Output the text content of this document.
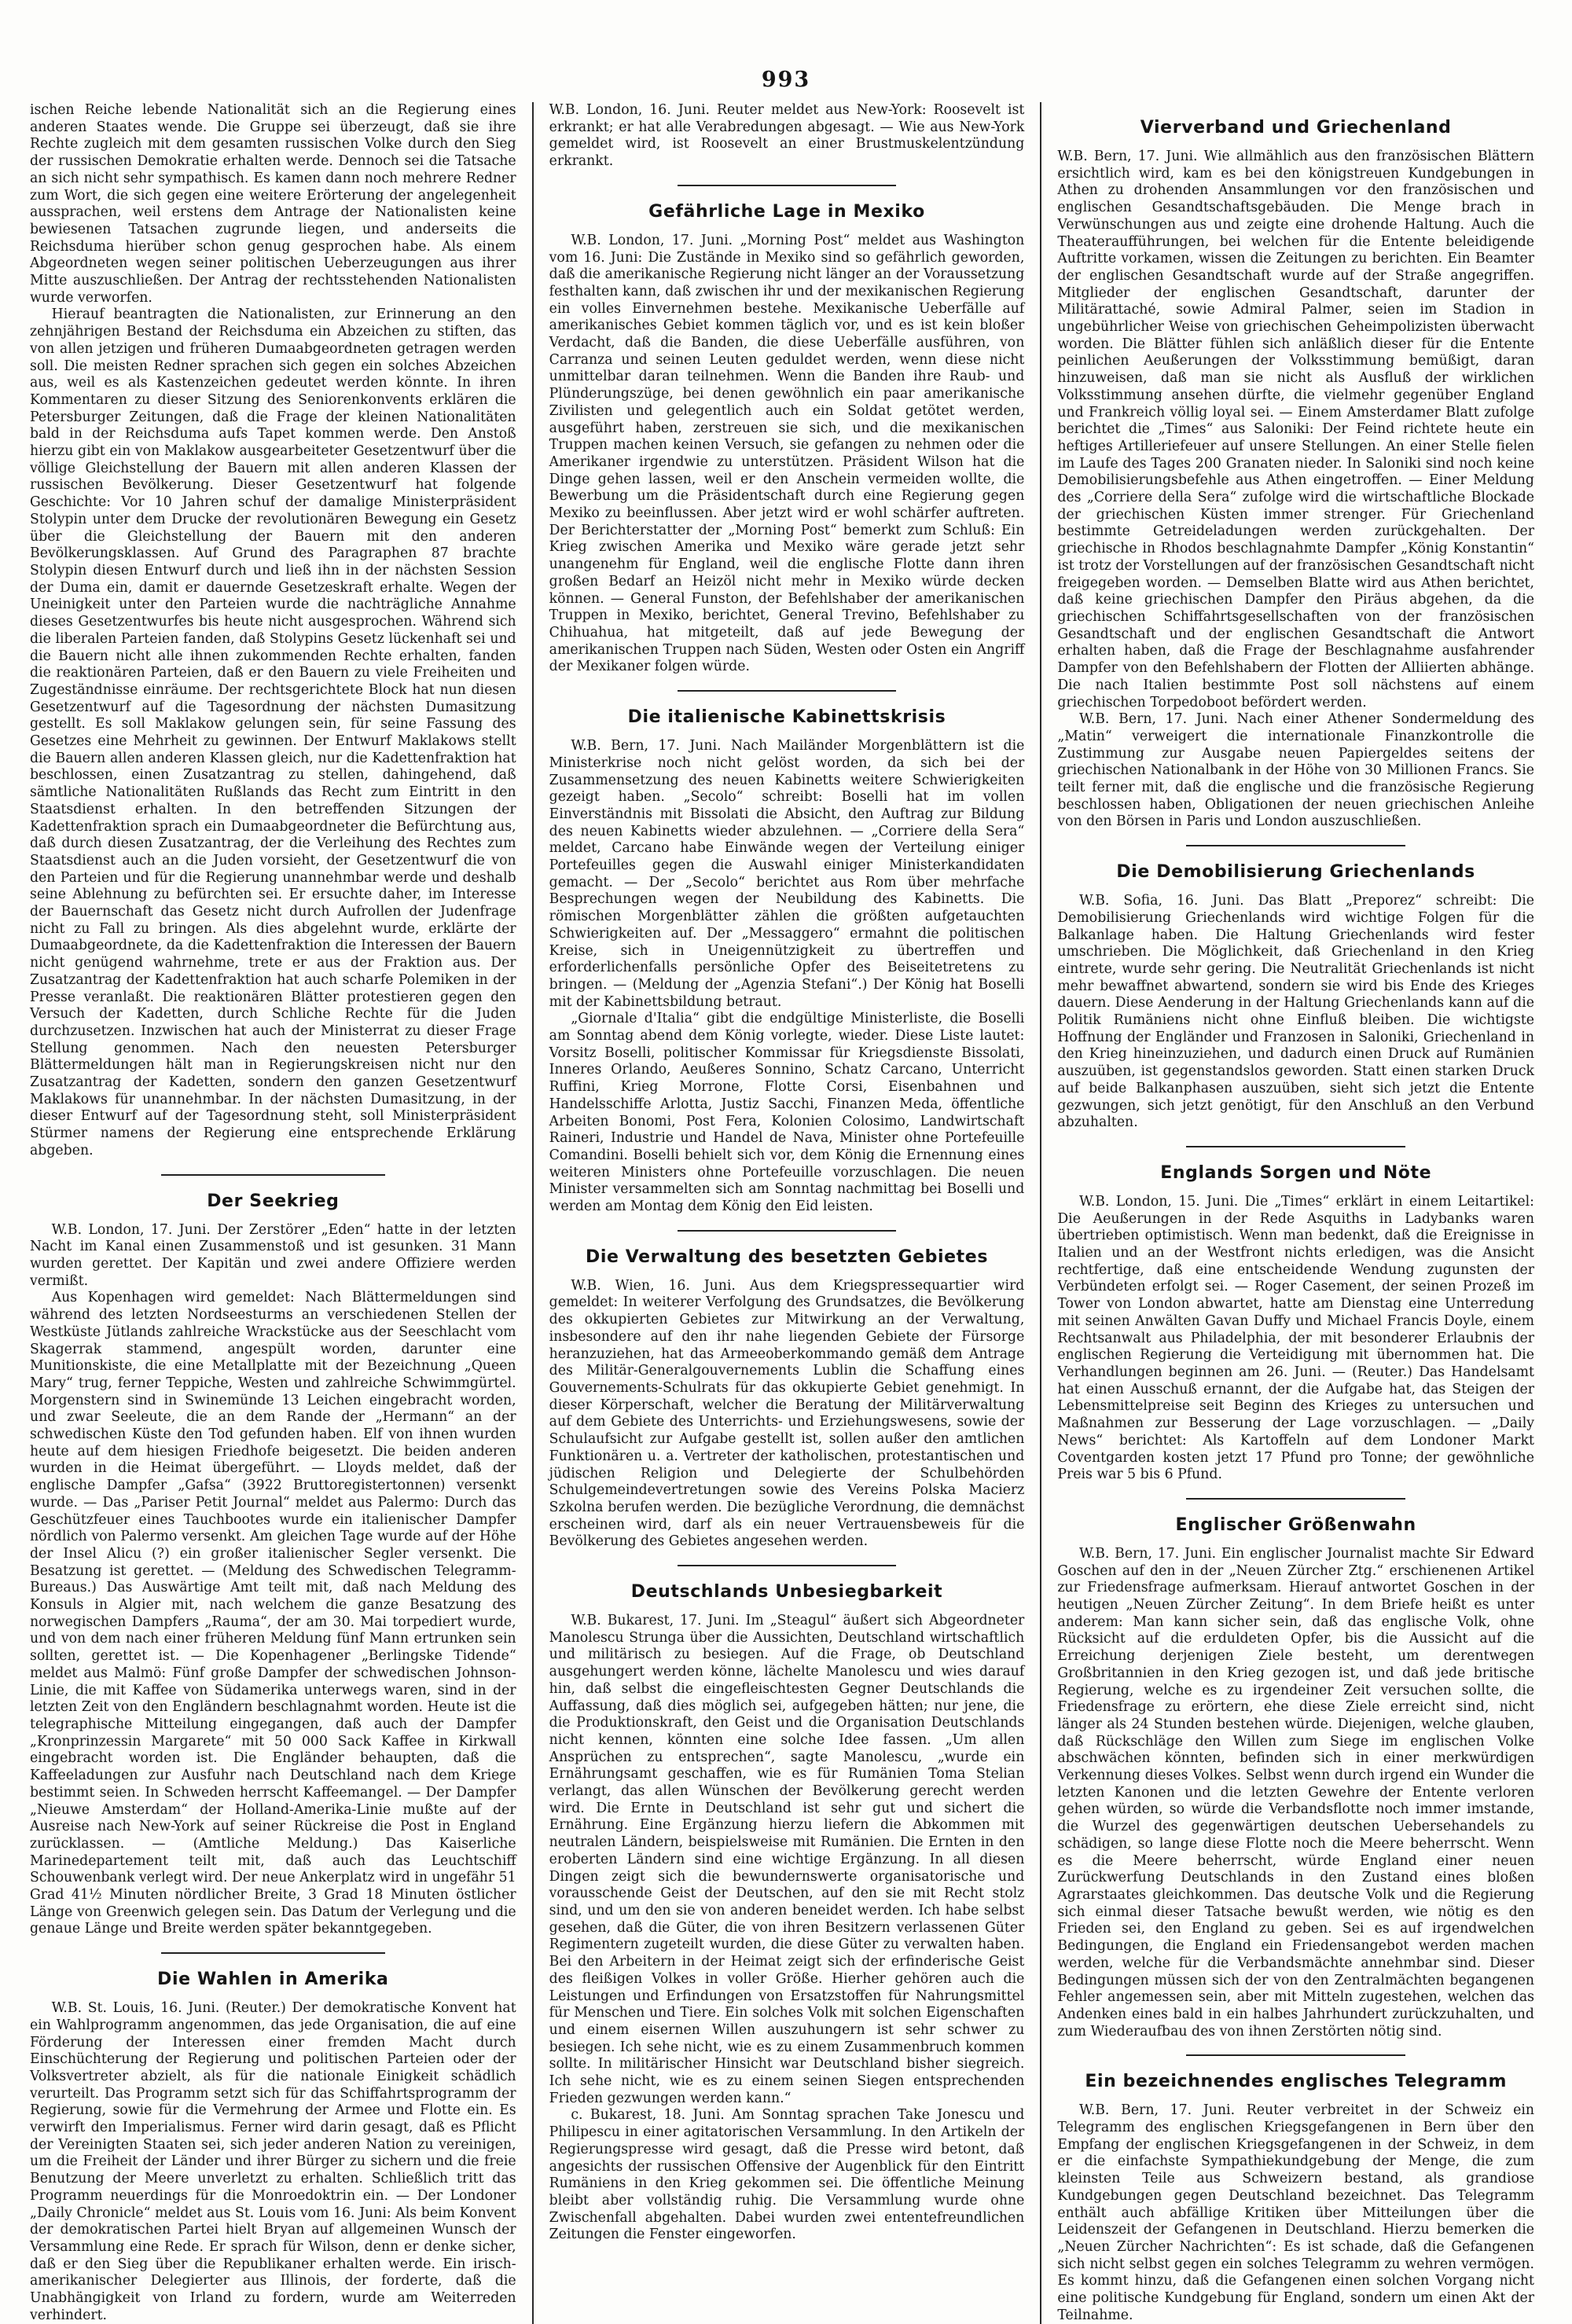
993

ischen Reiche lebende Nationalität sich an die Regierung eines anderen Staates wende. Die Gruppe sei überzeugt, daß sie ihre Rechte zugleich mit dem gesamten russischen Volke durch den Sieg der russischen Demokratie erhalten werde. Dennoch sei die Tatsache an sich nicht sehr sympathisch. Es kamen dann noch mehrere Redner zum Wort, die sich gegen eine weitere Erörterung der angelegenheit aussprachen, weil erstens dem Antrage der Nationalisten keine bewiesenen Tatsachen zugrunde liegen, und anderseits die Reichsduma hierüber schon genug gesprochen habe. Als einem Abgeordneten wegen seiner politischen Ueberzeugungen aus ihrer Mitte auszuschließen. Der Antrag der rechtsstehenden Nationalisten wurde verworfen.

Hierauf beantragten die Nationalisten, zur Erinnerung an den zehnjährigen Bestand der Reichsduma ein Abzeichen zu stiften, das von allen jetzigen und früheren Dumaabgeordneten getragen werden soll. Die meisten Redner sprachen sich gegen ein solches Abzeichen aus, weil es als Kastenzeichen gedeutet werden könnte. In ihren Kommentaren zu dieser Sitzung des Seniorenkonvents erklären die Petersburger Zeitungen, daß die Frage der kleinen Nationalitäten bald in der Reichsduma aufs Tapet kommen werde. Den Anstoß hierzu gibt ein von Maklakow ausgearbeiteter Gesetzentwurf über die völlige Gleichstellung der Bauern mit allen anderen Klassen der russischen Bevölkerung. Dieser Gesetzentwurf hat folgende Geschichte: Vor 10 Jahren schuf der damalige Ministerpräsident Stolypin unter dem Drucke der revolutionären Bewegung ein Gesetz über die Gleichstellung der Bauern mit den anderen Bevölkerungsklassen. Auf Grund des Paragraphen 87 brachte Stolypin diesen Entwurf durch und ließ ihn in der nächsten Session der Duma ein, damit er dauernde Gesetzeskraft erhalte. Wegen der Uneinigkeit unter den Parteien wurde die nachträgliche Annahme dieses Gesetzentwurfes bis heute nicht ausgesprochen. Während sich die liberalen Parteien fanden, daß Stolypins Gesetz lückenhaft sei und die Bauern nicht alle ihnen zukommenden Rechte erhalten, fanden die reaktionären Parteien, daß er den Bauern zu viele Freiheiten und Zugeständnisse einräume. Der rechtsgerichtete Block hat nun diesen Gesetzentwurf auf die Tagesordnung der nächsten Dumasitzung gestellt. Es soll Maklakow gelungen sein, für seine Fassung des Gesetzes eine Mehrheit zu gewinnen. Der Entwurf Maklakows stellt die Bauern allen anderen Klassen gleich, nur die Kadettenfraktion hat beschlossen, einen Zusatzantrag zu stellen, dahingehend, daß sämtliche Nationalitäten Rußlands das Recht zum Eintritt in den Staatsdienst erhalten. In den betreffenden Sitzungen der Kadettenfraktion sprach ein Dumaabgeordneter die Befürchtung aus, daß durch diesen Zusatzantrag, der die Verleihung des Rechtes zum Staatsdienst auch an die Juden vorsieht, der Gesetzentwurf die von den Parteien und für die Regierung unannehmbar werde und deshalb seine Ablehnung zu befürchten sei. Er ersuchte daher, im Interesse der Bauernschaft das Gesetz nicht durch Aufrollen der Judenfrage nicht zu Fall zu bringen. Als dies abgelehnt wurde, erklärte der Dumaabgeordnete, da die Kadettenfraktion die Interessen der Bauern nicht genügend wahrnehme, trete er aus der Fraktion aus. Der Zusatzantrag der Kadettenfraktion hat auch scharfe Polemiken in der Presse veranlaßt. Die reaktionären Blätter protestieren gegen den Versuch der Kadetten, durch Schliche Rechte für die Juden durchzusetzen. Inzwischen hat auch der Ministerrat zu dieser Frage Stellung genommen. Nach den neuesten Petersburger Blättermeldungen hält man in Regierungskreisen nicht nur den Zusatzantrag der Kadetten, sondern den ganzen Gesetzentwurf Maklakows für unannehmbar. In der nächsten Dumasitzung, in der dieser Entwurf auf der Tagesordnung steht, soll Ministerpräsident Stürmer namens der Regierung eine entsprechende Erklärung abgeben.

Der Seekrieg

W.B. London, 17. Juni. Der Zerstörer „Eden“ hatte in der letzten Nacht im Kanal einen Zusammenstoß und ist gesunken. 31 Mann wurden gerettet. Der Kapitän und zwei andere Offiziere werden vermißt.

Aus Kopenhagen wird gemeldet: Nach Blättermeldungen sind während des letzten Nordseesturms an verschiedenen Stellen der Westküste Jütlands zahlreiche Wrackstücke aus der Seeschlacht vom Skagerrak stammend, angespült worden, darunter eine Munitionskiste, die eine Metallplatte mit der Bezeichnung „Queen Mary“ trug, ferner Teppiche, Westen und zahlreiche Schwimmgürtel. Morgenstern sind in Swinemünde 13 Leichen eingebracht worden, und zwar Seeleute, die an dem Rande der „Hermann“ an der schwedischen Küste den Tod gefunden haben. Elf von ihnen wurden heute auf dem hiesigen Friedhofe beigesetzt. Die beiden anderen wurden in die Heimat übergeführt. — Lloyds meldet, daß der englische Dampfer „Gafsa“ (3922 Bruttoregistertonnen) versenkt wurde. — Das „Pariser Petit Journal“ meldet aus Palermo: Durch das Geschützfeuer eines Tauchbootes wurde ein italienischer Dampfer nördlich von Palermo versenkt. Am gleichen Tage wurde auf der Höhe der Insel Alicu (?) ein großer italienischer Segler versenkt. Die Besatzung ist gerettet. — (Meldung des Schwedischen Telegramm-Bureaus.) Das Auswärtige Amt teilt mit, daß nach Meldung des Konsuls in Algier mit, nach welchem die ganze Besatzung des norwegischen Dampfers „Rauma“, der am 30. Mai torpediert wurde, und von dem nach einer früheren Meldung fünf Mann ertrunken sein sollten, gerettet ist. — Die Kopenhagener „Berlingske Tidende“ meldet aus Malmö: Fünf große Dampfer der schwedischen Johnson-Linie, die mit Kaffee von Südamerika unterwegs waren, sind in der letzten Zeit von den Engländern beschlagnahmt worden. Heute ist die telegraphische Mitteilung eingegangen, daß auch der Dampfer „Kronprinzessin Margarete“ mit 50 000 Sack Kaffee in Kirkwall eingebracht worden ist. Die Engländer behaupten, daß die Kaffeeladungen zur Ausfuhr nach Deutschland nach dem Kriege bestimmt seien. In Schweden herrscht Kaffeemangel. — Der Dampfer „Nieuwe Amsterdam“ der Holland-Amerika-Linie mußte auf der Ausreise nach New-York auf seiner Rückreise die Post in England zurücklassen. — (Amtliche Meldung.) Das Kaiserliche Marinedepartement teilt mit, daß auch das Leuchtschiff Schouwenbank verlegt wird. Der neue Ankerplatz wird in ungefähr 51 Grad 41½ Minuten nördlicher Breite, 3 Grad 18 Minuten östlicher Länge von Greenwich gelegen sein. Das Datum der Verlegung und die genaue Länge und Breite werden später bekanntgegeben.

Die Wahlen in Amerika

W.B. St. Louis, 16. Juni. (Reuter.) Der demokratische Konvent hat ein Wahlprogramm angenommen, das jede Organisation, die auf eine Förderung der Interessen einer fremden Macht durch Einschüchterung der Regierung und politischen Parteien oder der Volksvertreter abzielt, als für die nationale Einigkeit schädlich verurteilt. Das Programm setzt sich für das Schiffahrtsprogramm der Regierung, sowie für die Vermehrung der Armee und Flotte ein. Es verwirft den Imperialismus. Ferner wird darin gesagt, daß es Pflicht der Vereinigten Staaten sei, sich jeder anderen Nation zu vereinigen, um die Freiheit der Länder und ihrer Bürger zu sichern und die freie Benutzung der Meere unverletzt zu erhalten. Schließlich tritt das Programm neuerdings für die Monroedoktrin ein. — Der Londoner „Daily Chronicle“ meldet aus St. Louis vom 16. Juni: Als beim Konvent der demokratischen Partei hielt Bryan auf allgemeinen Wunsch der Versammlung eine Rede. Er sprach für Wilson, denn er denke sicher, daß er den Sieg über die Republikaner erhalten werde. Ein irisch-amerikanischer Delegierter aus Illinois, der forderte, daß die Unabhängigkeit von Irland zu fordern, wurde am Weiterreden verhindert.

W.B. London, 16. Juni. Reuter meldet aus New-York: Roosevelt ist erkrankt; er hat alle Verabredungen abgesagt. — Wie aus New-York gemeldet wird, ist Roosevelt an einer Brustmuskelentzündung erkrankt.

Gefährliche Lage in Mexiko

W.B. London, 17. Juni. „Morning Post“ meldet aus Washington vom 16. Juni: Die Zustände in Mexiko sind so gefährlich geworden, daß die amerikanische Regierung nicht länger an der Voraussetzung festhalten kann, daß zwischen ihr und der mexikanischen Regierung ein volles Einvernehmen bestehe. Mexikanische Ueberfälle auf amerikanisches Gebiet kommen täglich vor, und es ist kein bloßer Verdacht, daß die Banden, die diese Ueberfälle ausführen, von Carranza und seinen Leuten geduldet werden, wenn diese nicht unmittelbar daran teilnehmen. Wenn die Banden ihre Raub- und Plünderungszüge, bei denen gewöhnlich ein paar amerikanische Zivilisten und gelegentlich auch ein Soldat getötet werden, ausgeführt haben, zerstreuen sie sich, und die mexikanischen Truppen machen keinen Versuch, sie gefangen zu nehmen oder die Amerikaner irgendwie zu unterstützen. Präsident Wilson hat die Dinge gehen lassen, weil er den Anschein vermeiden wollte, die Bewerbung um die Präsidentschaft durch eine Regierung gegen Mexiko zu beeinflussen. Aber jetzt wird er wohl schärfer auftreten. Der Berichterstatter der „Morning Post“ bemerkt zum Schluß: Ein Krieg zwischen Amerika und Mexiko wäre gerade jetzt sehr unangenehm für England, weil die englische Flotte dann ihren großen Bedarf an Heizöl nicht mehr in Mexiko würde decken können. — General Funston, der Befehlshaber der amerikanischen Truppen in Mexiko, berichtet, General Trevino, Befehlshaber zu Chihuahua, hat mitgeteilt, daß auf jede Bewegung der amerikanischen Truppen nach Süden, Westen oder Osten ein Angriff der Mexikaner folgen würde.

Die italienische Kabinettskrisis

W.B. Bern, 17. Juni. Nach Mailänder Morgenblättern ist die Ministerkrise noch nicht gelöst worden, da sich bei der Zusammensetzung des neuen Kabinetts weitere Schwierigkeiten gezeigt haben. „Secolo“ schreibt: Boselli hat im vollen Einverständnis mit Bissolati die Absicht, den Auftrag zur Bildung des neuen Kabinetts wieder abzulehnen. — „Corriere della Sera“ meldet, Carcano habe Einwände wegen der Verteilung einiger Portefeuilles gegen die Auswahl einiger Ministerkandidaten gemacht. — Der „Secolo“ berichtet aus Rom über mehrfache Besprechungen wegen der Neubildung des Kabinetts. Die römischen Morgenblätter zählen die größten aufgetauchten Schwierigkeiten auf. Der „Messaggero“ ermahnt die politischen Kreise, sich in Uneigennützigkeit zu übertreffen und erforderlichenfalls persönliche Opfer des Beiseitetretens zu bringen. — (Meldung der „Agenzia Stefani“.) Der König hat Boselli mit der Kabinettsbildung betraut.

„Giornale d'Italia“ gibt die endgültige Ministerliste, die Boselli am Sonntag abend dem König vorlegte, wieder. Diese Liste lautet: Vorsitz Boselli, politischer Kommissar für Kriegsdienste Bissolati, Inneres Orlando, Aeußeres Sonnino, Schatz Carcano, Unterricht Ruffini, Krieg Morrone, Flotte Corsi, Eisenbahnen und Handelsschiffe Arlotta, Justiz Sacchi, Finanzen Meda, öffentliche Arbeiten Bonomi, Post Fera, Kolonien Colosimo, Landwirtschaft Raineri, Industrie und Handel de Nava, Minister ohne Portefeuille Comandini. Boselli behielt sich vor, dem König die Ernennung eines weiteren Ministers ohne Portefeuille vorzuschlagen. Die neuen Minister versammelten sich am Sonntag nachmittag bei Boselli und werden am Montag dem König den Eid leisten.

Die Verwaltung des besetzten Gebietes

W.B. Wien, 16. Juni. Aus dem Kriegspressequartier wird gemeldet: In weiterer Verfolgung des Grundsatzes, die Bevölkerung des okkupierten Gebietes zur Mitwirkung an der Verwaltung, insbesondere auf den ihr nahe liegenden Gebiete der Fürsorge heranzuziehen, hat das Armeeoberkommando gemäß dem Antrage des Militär-Generalgouvernements Lublin die Schaffung eines Gouvernements-Schulrats für das okkupierte Gebiet genehmigt. In dieser Körperschaft, welcher die Beratung der Militärverwaltung auf dem Gebiete des Unterrichts- und Erziehungswesens, sowie der Schulaufsicht zur Aufgabe gestellt ist, sollen außer den amtlichen Funktionären u. a. Vertreter der katholischen, protestantischen und jüdischen Religion und Delegierte der Schulbehörden Schulgemeindevertretungen sowie des Vereins Polska Macierz Szkolna berufen werden. Die bezügliche Verordnung, die demnächst erscheinen wird, darf als ein neuer Vertrauensbeweis für die Bevölkerung des Gebietes angesehen werden.

Deutschlands Unbesiegbarkeit

W.B. Bukarest, 17. Juni. Im „Steagul“ äußert sich Abgeordneter Manolescu Strunga über die Aussichten, Deutschland wirtschaftlich und militärisch zu besiegen. Auf die Frage, ob Deutschland ausgehungert werden könne, lächelte Manolescu und wies darauf hin, daß selbst die eingefleischtesten Gegner Deutschlands die Auffassung, daß dies möglich sei, aufgegeben hätten; nur jene, die die Produktionskraft, den Geist und die Organisation Deutschlands nicht kennen, könnten eine solche Idee fassen. „Um allen Ansprüchen zu entsprechen“, sagte Manolescu, „wurde ein Ernährungsamt geschaffen, wie es für Rumänien Toma Stelian verlangt, das allen Wünschen der Bevölkerung gerecht werden wird. Die Ernte in Deutschland ist sehr gut und sichert die Ernährung. Eine Ergänzung hierzu liefern die Abkommen mit neutralen Ländern, beispielsweise mit Rumänien. Die Ernten in den eroberten Ländern sind eine wichtige Ergänzung. In all diesen Dingen zeigt sich die bewundernswerte organisatorische und vorausschende Geist der Deutschen, auf den sie mit Recht stolz sind, und um den sie von anderen beneidet werden. Ich habe selbst gesehen, daß die Güter, die von ihren Besitzern verlassenen Güter Regimentern zugeteilt wurden, die diese Güter zu verwalten haben. Bei den Arbeitern in der Heimat zeigt sich der erfinderische Geist des fleißigen Volkes in voller Größe. Hierher gehören auch die Leistungen und Erfindungen von Ersatzstoffen für Nahrungsmittel für Menschen und Tiere. Ein solches Volk mit solchen Eigenschaften und einem eisernen Willen auszuhungern ist sehr schwer zu besiegen. Ich sehe nicht, wie es zu einem Zusammenbruch kommen sollte. In militärischer Hinsicht war Deutschland bisher siegreich. Ich sehe nicht, wie es zu einem seinen Siegen entsprechenden Frieden gezwungen werden kann.“

c. Bukarest, 18. Juni. Am Sonntag sprachen Take Jonescu und Philipescu in einer agitatorischen Versammlung. In den Artikeln der Regierungspresse wird gesagt, daß die Presse wird betont, daß angesichts der russischen Offensive der Augenblick für den Eintritt Rumäniens in den Krieg gekommen sei. Die öffentliche Meinung bleibt aber vollständig ruhig. Die Versammlung wurde ohne Zwischenfall abgehalten. Dabei wurden zwei ententefreundlichen Zeitungen die Fenster eingeworfen.

Vierverband und Griechenland

W.B. Bern, 17. Juni. Wie allmählich aus den französischen Blättern ersichtlich wird, kam es bei den königstreuen Kundgebungen in Athen zu drohenden Ansammlungen vor den französischen und englischen Gesandtschaftsgebäuden. Die Menge brach in Verwünschungen aus und zeigte eine drohende Haltung. Auch die Theateraufführungen, bei welchen für die Entente beleidigende Auftritte vorkamen, wissen die Zeitungen zu berichten. Ein Beamter der englischen Gesandtschaft wurde auf der Straße angegriffen. Mitglieder der englischen Gesandtschaft, darunter der Militärattaché, sowie Admiral Palmer, seien im Stadion in ungebührlicher Weise von griechischen Geheimpolizisten überwacht worden. Die Blätter fühlen sich anläßlich dieser für die Entente peinlichen Aeußerungen der Volksstimmung bemüßigt, daran hinzuweisen, daß man sie nicht als Ausfluß der wirklichen Volksstimmung ansehen dürfte, die vielmehr gegenüber England und Frankreich völlig loyal sei. — Einem Amsterdamer Blatt zufolge berichtet die „Times“ aus Saloniki: Der Feind richtete heute ein heftiges Artilleriefeuer auf unsere Stellungen. An einer Stelle fielen im Laufe des Tages 200 Granaten nieder. In Saloniki sind noch keine Demobilisierungsbefehle aus Athen eingetroffen. — Einer Meldung des „Corriere della Sera“ zufolge wird die wirtschaftliche Blockade der griechischen Küsten immer strenger. Für Griechenland bestimmte Getreideladungen werden zurückgehalten. Der griechische in Rhodos beschlagnahmte Dampfer „König Konstantin“ ist trotz der Vorstellungen auf der französischen Gesandtschaft nicht freigegeben worden. — Demselben Blatte wird aus Athen berichtet, daß keine griechischen Dampfer den Piräus abgehen, da die griechischen Schiffahrtsgesellschaften von der französischen Gesandtschaft und der englischen Gesandtschaft die Antwort erhalten haben, daß die Frage der Beschlagnahme ausfahrender Dampfer von den Befehlshabern der Flotten der Alliierten abhänge. Die nach Italien bestimmte Post soll nächstens auf einem griechischen Torpedoboot befördert werden.

W.B. Bern, 17. Juni. Nach einer Athener Sondermeldung des „Matin“ verweigert die internationale Finanzkontrolle die Zustimmung zur Ausgabe neuen Papiergeldes seitens der griechischen Nationalbank in der Höhe von 30 Millionen Francs. Sie teilt ferner mit, daß die englische und die französische Regierung beschlossen haben, Obligationen der neuen griechischen Anleihe von den Börsen in Paris und London auszuschließen.

Die Demobilisierung Griechenlands

W.B. Sofia, 16. Juni. Das Blatt „Preporez“ schreibt: Die Demobilisierung Griechenlands wird wichtige Folgen für die Balkanlage haben. Die Haltung Griechenlands wird fester umschrieben. Die Möglichkeit, daß Griechenland in den Krieg eintrete, wurde sehr gering. Die Neutralität Griechenlands ist nicht mehr bewaffnet abwartend, sondern sie wird bis Ende des Krieges dauern. Diese Aenderung in der Haltung Griechenlands kann auf die Politik Rumäniens nicht ohne Einfluß bleiben. Die wichtigste Hoffnung der Engländer und Franzosen in Saloniki, Griechenland in den Krieg hineinzuziehen, und dadurch einen Druck auf Rumänien auszuüben, ist gegenstandslos geworden. Statt einen starken Druck auf beide Balkanphasen auszuüben, sieht sich jetzt die Entente gezwungen, sich jetzt genötigt, für den Anschluß an den Verbund abzuhalten.

Englands Sorgen und Nöte

W.B. London, 15. Juni. Die „Times“ erklärt in einem Leitartikel: Die Aeußerungen in der Rede Asquiths in Ladybanks waren übertrieben optimistisch. Wenn man bedenkt, daß die Ereignisse in Italien und an der Westfront nichts erledigen, was die Ansicht rechtfertige, daß eine entscheidende Wendung zugunsten der Verbündeten erfolgt sei. — Roger Casement, der seinen Prozeß im Tower von London abwartet, hatte am Dienstag eine Unterredung mit seinen Anwälten Gavan Duffy und Michael Francis Doyle, einem Rechtsanwalt aus Philadelphia, der mit besonderer Erlaubnis der englischen Regierung die Verteidigung mit übernommen hat. Die Verhandlungen beginnen am 26. Juni. — (Reuter.) Das Handelsamt hat einen Ausschuß ernannt, der die Aufgabe hat, das Steigen der Lebensmittelpreise seit Beginn des Krieges zu untersuchen und Maßnahmen zur Besserung der Lage vorzuschlagen. — „Daily News“ berichtet: Als Kartoffeln auf dem Londoner Markt Coventgarden kosten jetzt 17 Pfund pro Tonne; der gewöhnliche Preis war 5 bis 6 Pfund.

Englischer Größenwahn

W.B. Bern, 17. Juni. Ein englischer Journalist machte Sir Edward Goschen auf den in der „Neuen Zürcher Ztg.“ erschienenen Artikel zur Friedensfrage aufmerksam. Hierauf antwortet Goschen in der heutigen „Neuen Zürcher Zeitung“. In dem Briefe heißt es unter anderem: Man kann sicher sein, daß das englische Volk, ohne Rücksicht auf die erduldeten Opfer, bis die Aussicht auf die Erreichung derjenigen Ziele besteht, um derentwegen Großbritannien in den Krieg gezogen ist, und daß jede britische Regierung, welche es zu irgendeiner Zeit versuchen sollte, die Friedensfrage zu erörtern, ehe diese Ziele erreicht sind, nicht länger als 24 Stunden bestehen würde. Diejenigen, welche glauben, daß Rückschläge den Willen zum Siege im englischen Volke abschwächen könnten, befinden sich in einer merkwürdigen Verkennung dieses Volkes. Selbst wenn durch irgend ein Wunder die letzten Kanonen und die letzten Gewehre der Entente verloren gehen würden, so würde die Verbandsflotte noch immer imstande, die Wurzel des gegenwärtigen deutschen Uebersehandels zu schädigen, so lange diese Flotte noch die Meere beherrscht. Wenn es die Meere beherrscht, würde England einer neuen Zurückwerfung Deutschlands in den Zustand eines bloßen Agrarstaates gleichkommen. Das deutsche Volk und die Regierung sich einmal dieser Tatsache bewußt werden, wie nötig es den Frieden sei, den England zu geben. Sei es auf irgendwelchen Bedingungen, die England ein Friedensangebot werden machen werden, welche für die Verbandsmächte annehmbar sind. Dieser Bedingungen müssen sich der von den Zentralmächten begangenen Fehler angemessen sein, aber mit Mitteln zugestehen, welchen das Andenken eines bald in ein halbes Jahrhundert zurückzuhalten, und zum Wiederaufbau des von ihnen Zerstörten nötig sind.

Ein bezeichnendes englisches Telegramm

W.B. Bern, 17. Juni. Reuter verbreitet in der Schweiz ein Telegramm des englischen Kriegsgefangenen in Bern über den Empfang der englischen Kriegsgefangenen in der Schweiz, in dem er die einfachste Sympathiekundgebung der Menge, die zum kleinsten Teile aus Schweizern bestand, als grandiose Kundgebungen gegen Deutschland bezeichnet. Das Telegramm enthält auch abfällige Kritiken über Mitteilungen über die Leidenszeit der Gefangenen in Deutschland. Hierzu bemerken die „Neuen Zürcher Nachrichten“: Es ist schade, daß die Gefangenen sich nicht selbst gegen ein solches Telegramm zu wehren vermögen. Es kommt hinzu, daß die Gefangenen einen solchen Vorgang nicht eine politische Kundgebung für England, sondern um einen Akt der Teilnahme.
